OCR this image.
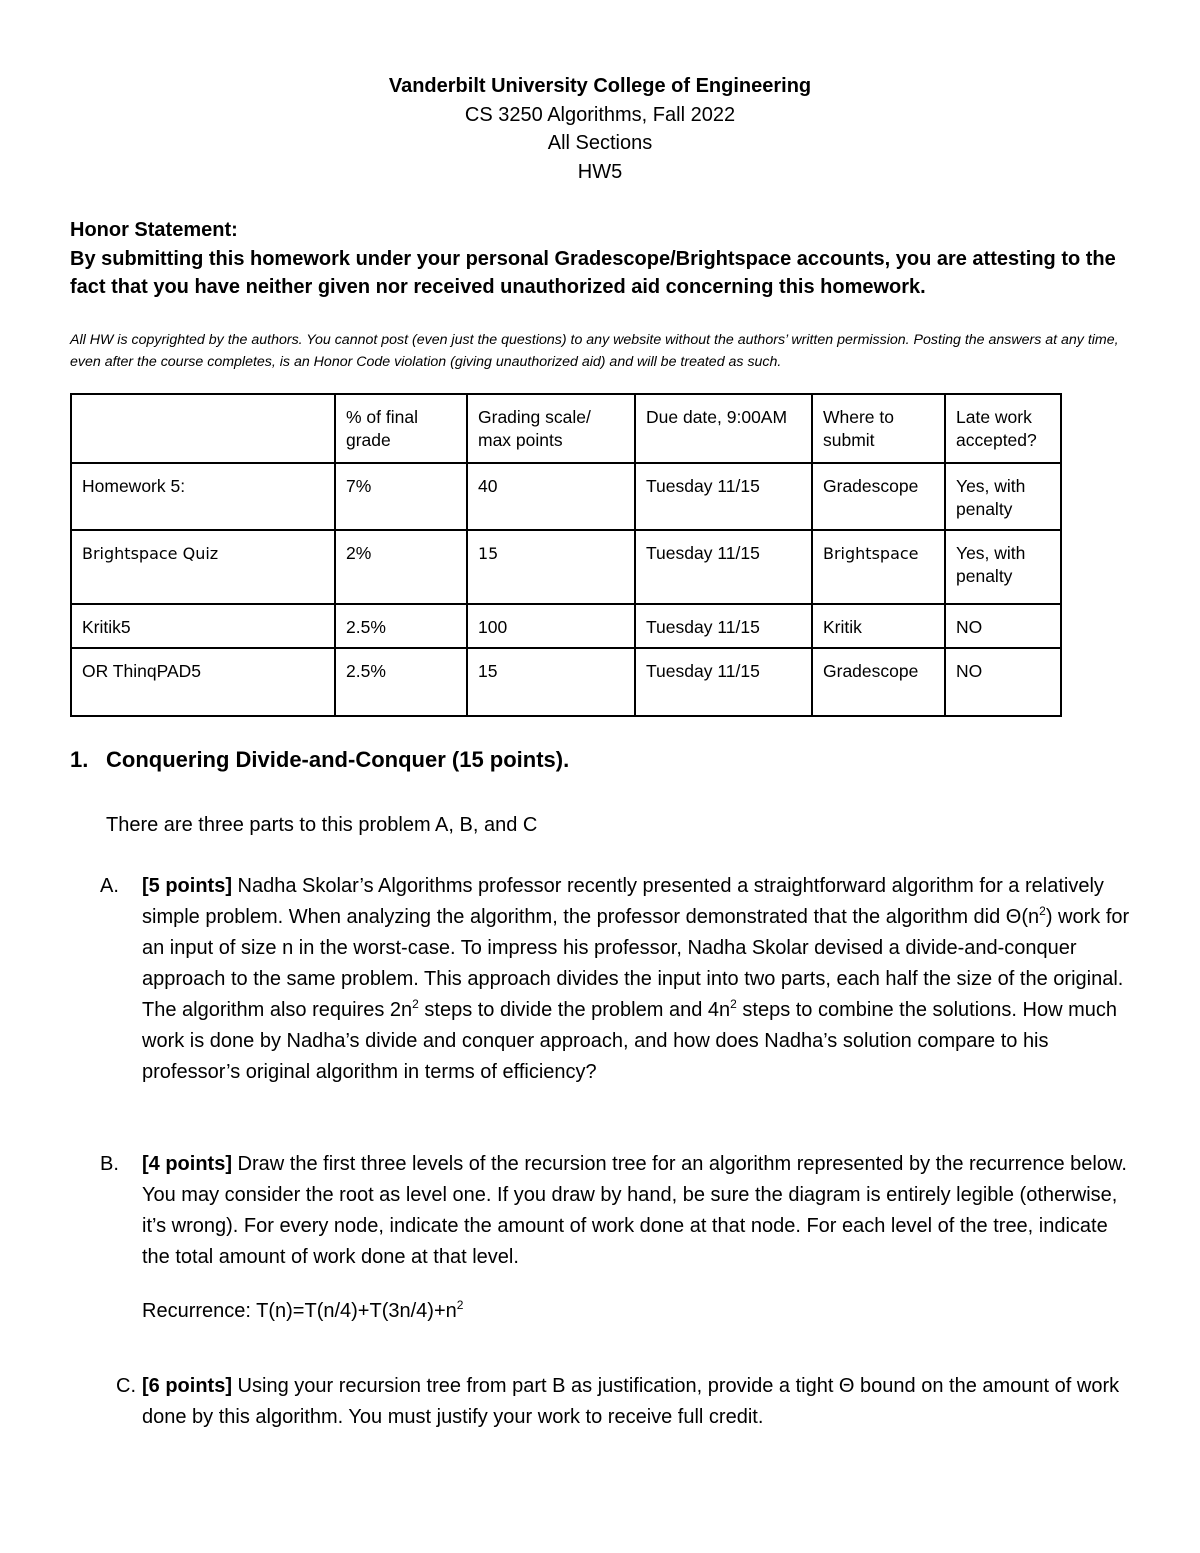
Vanderbilt University College of Engineering
CS 3250 Algorithms, Fall 2022
All Sections
HW5
Honor Statement:
By submitting this homework under your personal Gradescope/Brightspace accounts, you are attesting to the fact that you have neither given nor received unauthorized aid concerning this homework.
All HW is copyrighted by the authors. You cannot post (even just the questions) to any website without the authors’ written permission. Posting the answers at any time, even after the course completes, is an Honor Code violation (giving unauthorized aid) and will be treated as such.
	% of final grade	Grading scale/ max points	Due date, 9:00AM	Where to submit	Late work accepted?
Homework 5:	7%	40	Tuesday 11/15	Gradescope	Yes, with penalty
Brightspace Quiz	2%	15	Tuesday 11/15	Brightspace	Yes, with penalty
Kritik5	2.5%	100	Tuesday 11/15	Kritik	NO
OR ThinqPAD5	2.5%	15	Tuesday 11/15	Gradescope	NO
1. Conquering Divide-and-Conquer (15 points).
There are three parts to this problem A, B, and C
A.	[5 points] Nadha Skolar’s Algorithms professor recently presented a straightforward algorithm for a relatively simple problem. When analyzing the algorithm, the professor demonstrated that the algorithm did $\Theta(n^2)$ work for an input of size n in the worst-case. To impress his professor, Nadha Skolar devised a divide-and-conquer approach to the same problem. This approach divides the input into two parts, each half the size of the original. The algorithm also requires $2n^2$ steps to divide the problem and $4n^2$ steps to combine the solutions. How much work is done by Nadha’s divide and conquer approach, and how does Nadha’s solution compare to his professor’s original algorithm in terms of efficiency?
B.	[4 points] Draw the first three levels of the recursion tree for an algorithm represented by the recurrence below. You may consider the root as level one. If you draw by hand, be sure the diagram is entirely legible (otherwise, it’s wrong). For every node, indicate the amount of work done at that node. For each level of the tree, indicate the total amount of work done at that level.
Recurrence: $T(n)=T(n/4)+T(3n/4)+n^2$
C. [6 points] Using your recursion tree from part B as justification, provide a tight Θ bound on the amount of work done by this algorithm. You must justify your work to receive full credit.
